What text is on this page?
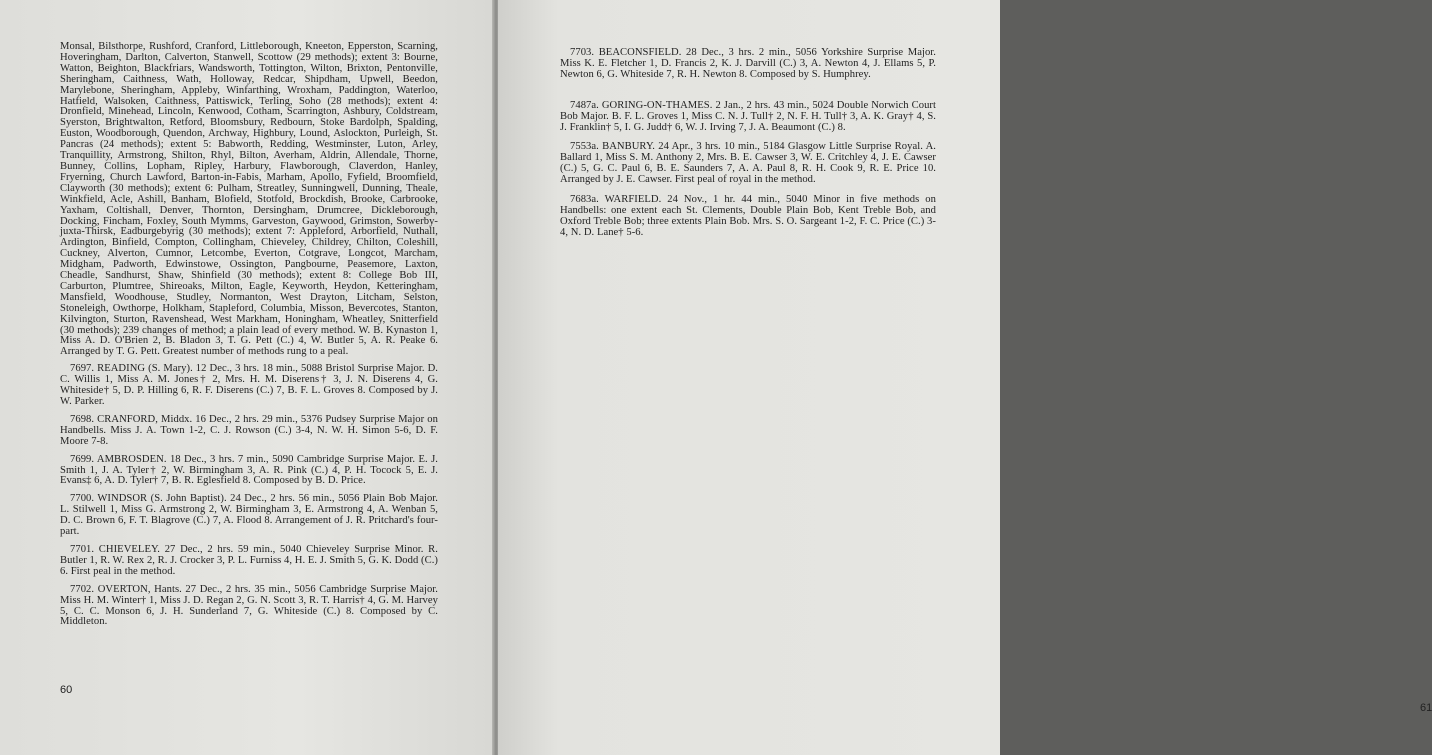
Monsal, Bilsthorpe, Rushford, Cranford, Littleborough, Kneeton, Epperston, Scarning, Hoveringham, Darlton, Calverton, Stanwell, Scottow (29 methods); extent 3: Bourne, Watton, Beighton, Blackfriars, Wandsworth, Tottington, Wilton, Brixton, Pentonville, Sheringham, Caithness, Wath, Holloway, Redcar, Shipdham, Upwell, Beedon, Marylebone, Sheringham, Appleby, Winfarthing, Wroxham, Paddington, Waterloo, Hatfield, Walsoken, Caithness, Pattiswick, Terling, Soho (28 methods); extent 4: Dronfield, Minehead, Lincoln, Kenwood, Cotham, Scarrington, Ashbury, Coldstream, Syerston, Brightwalton, Retford, Bloomsbury, Redbourn, Stoke Bardolph, Spalding, Euston, Woodborough, Quendon, Archway, Highbury, Lound, Aslockton, Purleigh, St. Pancras (24 methods); extent 5: Babworth, Redding, Westminster, Luton, Arley, Tranquillity, Armstrong, Shilton, Rhyl, Bilton, Averham, Aldrin, Allendale, Thorne, Bunney, Collins, Lopham, Ripley, Harbury, Flawborough, Claverdon, Hanley, Fryerning, Church Lawford, Barton-in-Fabis, Marham, Apollo, Fyfield, Broomfield, Clayworth (30 methods); extent 6: Pulham, Streatley, Sunningwell, Dunning, Theale, Winkfield, Acle, Ashill, Banham, Blofield, Stotfold, Brockdish, Brooke, Carbrooke, Yaxham, Coltishall, Denver, Thornton, Dersingham, Drumcree, Dickleborough, Docking, Fincham, Foxley, South Mymms, Garveston, Gaywood, Grimston, Sowerby-juxta-Thirsk, Eadburgebyrig (30 methods); extent 7: Appleford, Arborfield, Nuthall, Ardington, Binfield, Compton, Collingham, Chieveley, Childrey, Chilton, Coleshill, Cuckney, Alverton, Cumnor, Letcombe, Everton, Cotgrave, Longcot, Marcham, Midgham, Padworth, Edwinstowe, Ossington, Pangbourne, Peasemore, Laxton, Cheadle, Sandhurst, Shaw, Shinfield (30 methods); extent 8: College Bob III, Carburton, Plumtree, Shireoaks, Milton, Eagle, Keyworth, Heydon, Ketteringham, Mansfield, Woodhouse, Studley, Normanton, West Drayton, Litcham, Selston, Stoneleigh, Owthorpe, Holkham, Stapleford, Columbia, Misson, Bevercotes, Stanton, Kilvington, Sturton, Ravenshead, West Markham, Honingham, Wheatley, Snitterfield (30 methods); 239 changes of method; a plain lead of every method. W. B. Kynaston 1, Miss A. D. O'Brien 2, B. Bladon 3, T. G. Pett (C.) 4, W. Butler 5, A. R. Peake 6. Arranged by T. G. Pett. Greatest number of methods rung to a peal.

7697. READING (S. Mary). 12 Dec., 3 hrs. 18 min., 5088 Bristol Surprise Major. D. C. Willis 1, Miss A. M. Jones† 2, Mrs. H. M. Diserens† 3, J. N. Diserens 4, G. Whiteside† 5, D. P. Hilling 6, R. F. Diserens (C.) 7, B. F. L. Groves 8. Composed by J. W. Parker.

7698. CRANFORD, Middx. 16 Dec., 2 hrs. 29 min., 5376 Pudsey Surprise Major on Handbells. Miss J. A. Town 1-2, C. J. Rowson (C.) 3-4, N. W. H. Simon 5-6, D. F. Moore 7-8.

7699. AMBROSDEN. 18 Dec., 3 hrs. 7 min., 5090 Cambridge Surprise Major. E. J. Smith 1, J. A. Tyler† 2, W. Birmingham 3, A. R. Pink (C.) 4, P. H. Tocock 5, E. J. Evans‡ 6, A. D. Tyler† 7, B. R. Eglesfield 8. Composed by B. D. Price.

7700. WINDSOR (S. John Baptist). 24 Dec., 2 hrs. 56 min., 5056 Plain Bob Major. L. Stilwell 1, Miss G. Armstrong 2, W. Birmingham 3, E. Armstrong 4, A. Wenban 5, D. C. Brown 6, F. T. Blagrove (C.) 7, A. Flood 8. Arrangement of J. R. Pritchard's four-part.

7701. CHIEVELEY. 27 Dec., 2 hrs. 59 min., 5040 Chieveley Surprise Minor. R. Butler 1, R. W. Rex 2, R. J. Crocker 3, P. L. Furniss 4, H. E. J. Smith 5, G. K. Dodd (C.) 6. First peal in the method.

7702. OVERTON, Hants. 27 Dec., 2 hrs. 35 min., 5056 Cambridge Surprise Major. Miss H. M. Winter† 1, Miss J. D. Regan 2, G. N. Scott 3, R. T. Harris† 4, G. M. Harvey 5, C. C. Monson 6, J. H. Sunderland 7, G. Whiteside (C.) 8. Composed by C. Middleton.

60
61

7703. BEACONSFIELD. 28 Dec., 3 hrs. 2 min., 5056 Yorkshire Surprise Major. Miss K. E. Fletcher 1, D. Francis 2, K. J. Darvill (C.) 3, A. Newton 4, J. Ellams 5, P. Newton 6, G. Whiteside 7, R. H. Newton 8. Composed by S. Humphrey.

7487a. GORING-ON-THAMES. 2 Jan., 2 hrs. 43 min., 5024 Double Norwich Court Bob Major. B. F. L. Groves 1, Miss C. N. J. Tull† 2, N. F. H. Tull† 3, A. K. Gray† 4, S. J. Franklin† 5, I. G. Judd† 6, W. J. Irving 7, J. A. Beaumont (C.) 8.

7553a. BANBURY. 24 Apr., 3 hrs. 10 min., 5184 Glasgow Little Surprise Royal. A. Ballard 1, Miss S. M. Anthony 2, Mrs. B. E. Cawser 3, W. E. Critchley 4, J. E. Cawser (C.) 5, G. C. Paul 6, B. E. Saunders 7, A. A. Paul 8, R. H. Cook 9, R. E. Price 10. Arranged by J. E. Cawser. First peal of royal in the method.

7683a. WARFIELD. 24 Nov., 1 hr. 44 min., 5040 Minor in five methods on Handbells: one extent each St. Clements, Double Plain Bob, Kent Treble Bob, and Oxford Treble Bob; three extents Plain Bob. Mrs. S. O. Sargeant 1-2, F. C. Price (C.) 3-4, N. D. Lane† 5-6.
